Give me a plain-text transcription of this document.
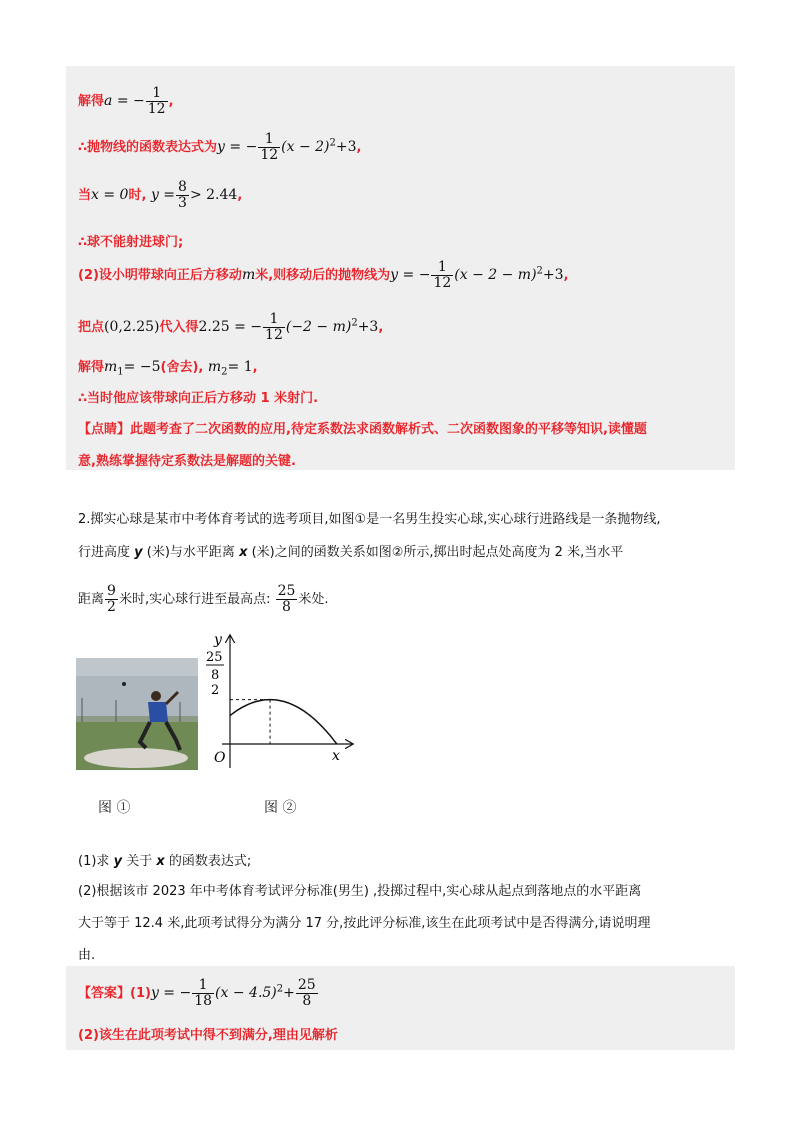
解得a = − $\frac{1}{12}$ ,
∴抛物线的函数表达式为y = − $\frac{1}{12} (x - 2)^2+3$,
当x = 0时, $y = \frac{8}{3} > 2.44$,
∴球不能射进球门;
(2)设小明带球向正后方移动m米,则移动后的抛物线为y = − $\frac{1}{12} (x - 2 - m)^2+3$,
把点(0,2.25)代入得2.25 = − $\frac{1}{12} (-2 - m)^2+3$,
解得$m_1= -5$(舍去), $m_2= 1$,
∴当时他应该带球向正后方移动 1 米射门.
【点睛】此题考查了二次函数的应用,待定系数法求函数解析式、二次函数图象的平移等知识,读懂题
意,熟练掌握待定系数法是解题的关键.
2.掷实心球是某市中考体育考试的选考项目,如图①是一名男生投实心球,实心球行进路线是一条抛物线,
行进高度 y (米)与水平距离 x (米)之间的函数关系如图②所示,掷出时起点处高度为 2 米,当水平
距离 $\frac{9}{2}$ 米时,实心球行进至最高点: $\frac{25}{8}$ 米处.
y
x
O
25
8
2
图 ①	图 ②
(1)求 y 关于 x 的函数表达式;
(2)根据该市 2023 年中考体育考试评分标准(男生) ,投掷过程中,实心球从起点到落地点的水平距离
大于等于 12.4 米,此项考试得分为满分 17 分,按此评分标准,该生在此项考试中是否得满分,请说明理
由.
【答案】(1)y = − $\frac{1}{18} (x - 4.5)^2+ \frac{25}{8}$
(2)该生在此项考试中得不到满分,理由见解析
